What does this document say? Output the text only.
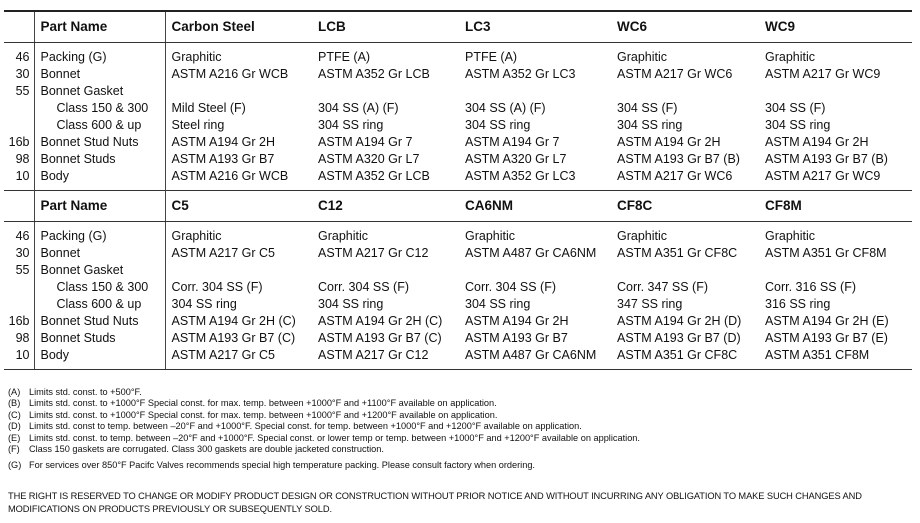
	Part Name	Carbon Steel	LCB	LC3	WC6	WC9

46	Packing (G)	Graphitic	PTFE (A)	PTFE (A)	Graphitic	Graphitic
30	Bonnet	ASTM A216 Gr WCB	ASTM A352 Gr LCB	ASTM A352 Gr LC3	ASTM A217 Gr WC6	ASTM A217 Gr WC9
55	Bonnet Gasket					
	Class 150 & 300	Mild Steel (F)	304 SS (A) (F)	304 SS (A) (F)	304 SS (F)	304 SS (F)
	Class 600 & up	Steel ring	304 SS ring	304 SS ring	304 SS ring	304 SS ring
16b	Bonnet Stud Nuts	ASTM A194 Gr 2H	ASTM A194 Gr 7	ASTM A194 Gr 7	ASTM A194 Gr 2H	ASTM A194 Gr 2H
98	Bonnet Studs	ASTM A193 Gr B7	ASTM A320 Gr L7	ASTM A320 Gr L7	ASTM A193 Gr B7 (B)	ASTM A193 Gr B7 (B)
10	Body	ASTM A216 Gr WCB	ASTM A352 Gr LCB	ASTM A352 Gr LC3	ASTM A217 Gr WC6	ASTM A217 Gr WC9

	Part Name	C5	C12	CA6NM	CF8C	CF8M

46	Packing (G)	Graphitic	Graphitic	Graphitic	Graphitic	Graphitic
30	Bonnet	ASTM A217 Gr C5	ASTM A217 Gr C12	ASTM A487 Gr CA6NM	ASTM A351 Gr CF8C	ASTM A351 Gr CF8M
55	Bonnet Gasket					
	Class 150 & 300	Corr. 304 SS (F)	Corr. 304 SS (F)	Corr. 304 SS (F)	Corr. 347 SS (F)	Corr. 316 SS (F)
	Class 600 & up	304 SS ring	304 SS ring	304 SS ring	347 SS ring	316 SS ring
16b	Bonnet Stud Nuts	ASTM A194 Gr 2H (C)	ASTM A194 Gr 2H (C)	ASTM A194 Gr 2H	ASTM A194 Gr 2H (D)	ASTM A194 Gr 2H (E)
98	Bonnet Studs	ASTM A193 Gr B7 (C)	ASTM A193 Gr B7 (C)	ASTM A193 Gr B7	ASTM A193 Gr B7 (D)	ASTM A193 Gr B7 (E)
10	Body	ASTM A217 Gr C5	ASTM A217 Gr C12	ASTM A487 Gr CA6NM	ASTM A351 Gr CF8C	ASTM A351 CF8M

(A) Limits std. const. to +500°F.
(B) Limits std. const. to +1000°F Special const. for max. temp. between +1000°F and +1100°F available on application.
(C) Limits std. const. to +1000°F Special const. for max. temp. between +1000°F and +1200°F available on application.
(D) Limits std. const to temp. between –20°F and +1000°F. Special const. for temp. between +1000°F and +1200°F available on application.
(E) Limits std. const. to temp. between –20°F and +1000°F. Special const. or lower temp or temp. between +1000°F and +1200°F available on application.
(F) Class 150 gaskets are corrugated. Class 300 gaskets are double jacketed construction.
(G) For services over 850°F Pacifc Valves recommends special high temperature packing. Please consult factory when ordering.
THE RIGHT IS RESERVED TO CHANGE OR MODIFY PRODUCT DESIGN OR CONSTRUCTION WITHOUT PRIOR NOTICE AND WITHOUT INCURRING ANY OBLIGATION TO MAKE SUCH CHANGES AND MODIFICATIONS ON PRODUCTS PREVIOUSLY OR SUBSEQUENTLY SOLD.
